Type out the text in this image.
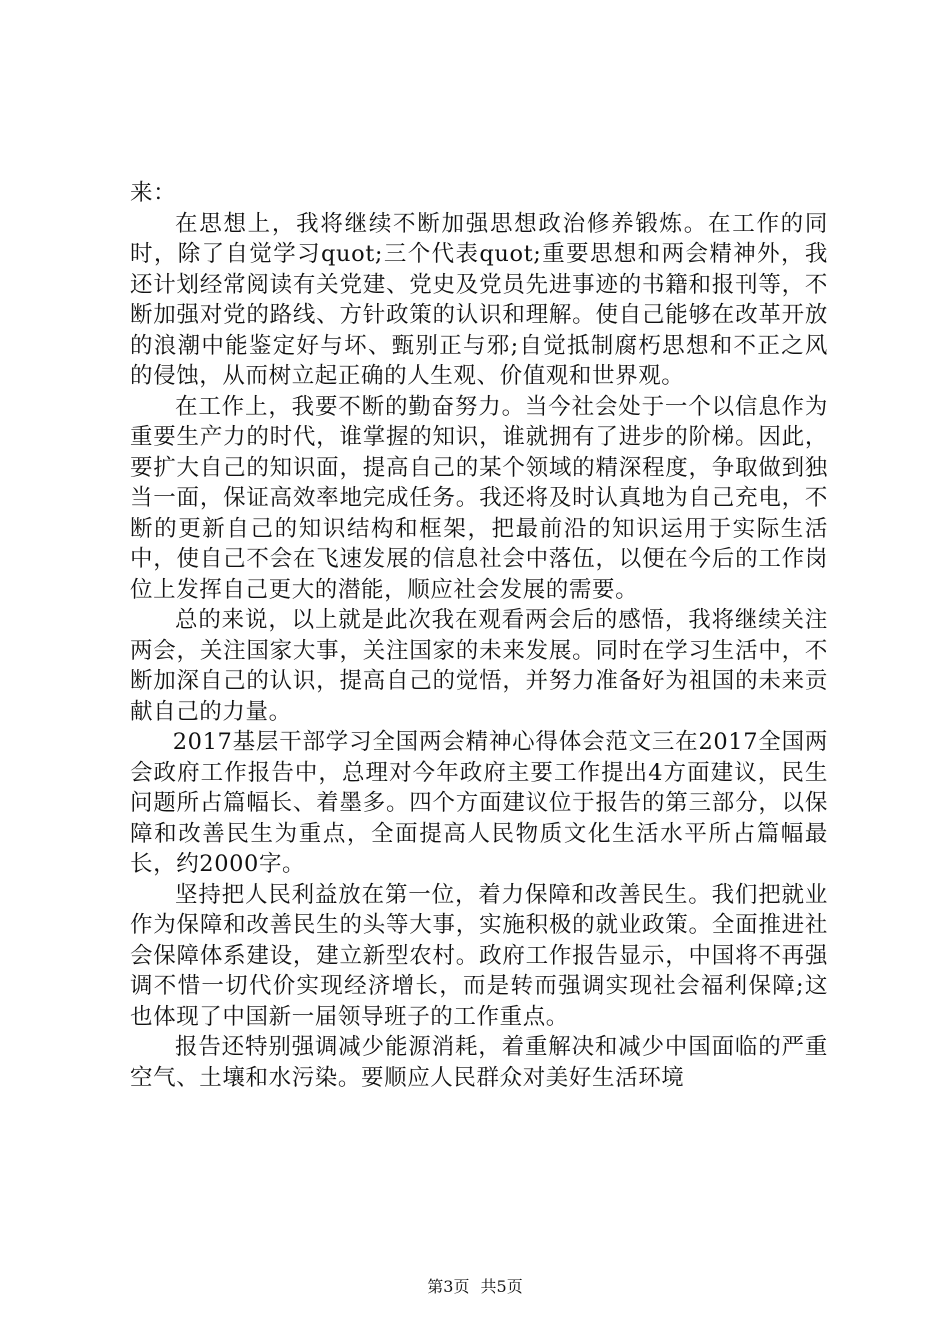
来：

在思想上，我将继续不断加强思想政治修养锻炼。在工作的同时，除了自觉学习quot;三个代表quot;重要思想和两会精神外，我还计划经常阅读有关党建、党史及党员先进事迹的书籍和报刊等，不断加强对党的路线、方针政策的认识和理解。使自己能够在改革开放的浪潮中能鉴定好与坏、甄别正与邪;自觉抵制腐朽思想和不正之风的侵蚀，从而树立起正确的人生观、价值观和世界观。

在工作上，我要不断的勤奋努力。当今社会处于一个以信息作为重要生产力的时代，谁掌握的知识，谁就拥有了进步的阶梯。因此，要扩大自己的知识面，提高自己的某个领域的精深程度，争取做到独当一面，保证高效率地完成任务。我还将及时认真地为自己充电，不断的更新自己的知识结构和框架，把最前沿的知识运用于实际生活中，使自己不会在飞速发展的信息社会中落伍，以便在今后的工作岗位上发挥自己更大的潜能，顺应社会发展的需要。

总的来说，以上就是此次我在观看两会后的感悟，我将继续关注两会，关注国家大事，关注国家的未来发展。同时在学习生活中，不断加深自己的认识，提高自己的觉悟，并努力准备好为祖国的未来贡献自己的力量。

2017基层干部学习全国两会精神心得体会范文三在2017全国两会政府工作报告中，总理对今年政府主要工作提出4方面建议，民生问题所占篇幅长、着墨多。四个方面建议位于报告的第三部分，以保障和改善民生为重点，全面提高人民物质文化生活水平所占篇幅最长，约2000字。

坚持把人民利益放在第一位，着力保障和改善民生。我们把就业作为保障和改善民生的头等大事，实施积极的就业政策。全面推进社会保障体系建设，建立新型农村。政府工作报告显示，中国将不再强调不惜一切代价实现经济增长，而是转而强调实现社会福利保障;这也体现了中国新一届领导班子的工作重点。

报告还特别强调减少能源消耗，着重解决和减少中国面临的严重空气、土壤和水污染。要顺应人民群众对美好生活环境

第3页 共5页
